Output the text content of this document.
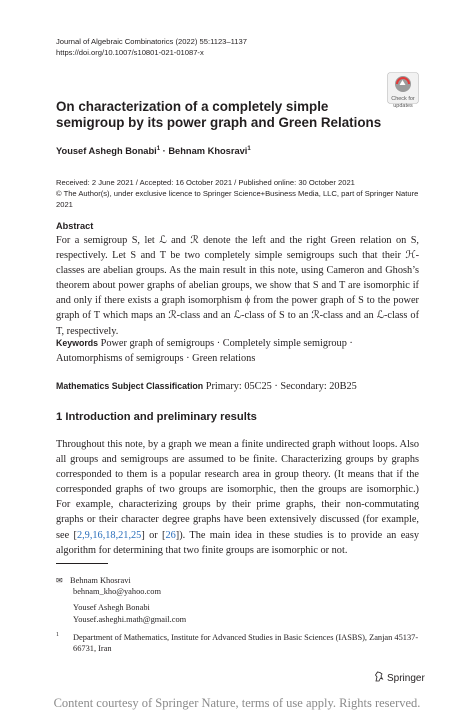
Journal of Algebraic Combinatorics (2022) 55:1123–1137
https://doi.org/10.1007/s10801-021-01087-x
Check for
updates
On characterization of a completely simple semigroup by its power graph and Green Relations
Yousef Ashegh Bonabi$^1$ · Behnam Khosravi$^1$
Received: 2 June 2021 / Accepted: 16 October 2021 / Published online: 30 October 2021
© The Author(s), under exclusive licence to Springer Science+Business Media, LLC, part of Springer Nature 2021
Abstract
For a semigroup S, let ℒ and ℛ denote the left and the right Green relation on S, respectively. Let S and T be two completely simple semigroups such that their ℋ-classes are abelian groups. As the main result in this note, using Cameron and Ghosh’s theorem about power graphs of abelian groups, we show that S and T are isomorphic if and only if there exists a graph isomorphism ϕ from the power graph of S to the power graph of T which maps an ℛ-class and an ℒ-class of S to an ℛ-class and an ℒ-class of T, respectively.
Keywords Power graph of semigroups · Completely simple semigroup · Automorphisms of semigroups · Green relations
Mathematics Subject Classification Primary: 05C25 · Secondary: 20B25
1 Introduction and preliminary results
Throughout this note, by a graph we mean a finite undirected graph without loops. Also all groups and semigroups are assumed to be finite. Characterizing groups by graphs corresponded to them is a popular research area in group theory. (It means that if the corresponded graphs of two groups are isomorphic, then the groups are isomorphic.) For example, characterizing groups by their prime graphs, their non-commutating graphs or their character degree graphs have been extensively discussed (for example, see [2,9,16,18,21,25] or [26]). The main idea in these studies is to provide an easy algorithm for determining that two finite groups are isomorphic or not.
✉ Behnam Khosravi
behnam_kho@yahoo.com
Yousef Ashegh Bonabi
Yousef.asheghi.math@gmail.com
1	Department of Mathematics, Institute for Advanced Studies in Basic Sciences (IASBS), Zanjan 45137-66731, Iran
Springer
Content courtesy of Springer Nature, terms of use apply. Rights reserved.
